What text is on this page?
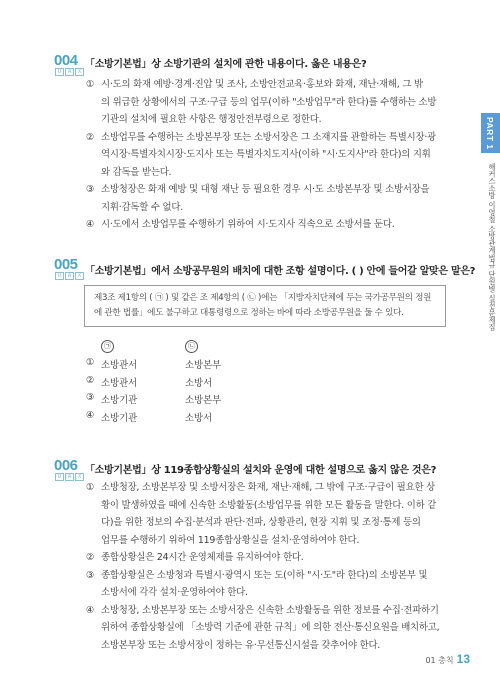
PART 1
해커스소방 이영철 소방관계법규 단원별 실전문제집
004
O A X
「소방기본법」상 소방기관의 설치에 관한 내용이다. 옳은 내용은?
① 시·도의 화재 예방·경계·진압 및 조사, 소방안전교육·홍보와 화재, 재난·재해, 그 밖
의 위급한 상황에서의 구조·구급 등의 업무(이하 "소방업무"라 한다)를 수행하는 소방
기관의 설치에 필요한 사항은 행정안전부령으로 정한다.
② 소방업무를 수행하는 소방본부장 또는 소방서장은 그 소재지를 관할하는 특별시장·광
역시장·특별자치시장·도지사 또는 특별자치도지사(이하 "시·도지사"라 한다)의 지휘
와 감독을 받는다.
③ 소방청장은 화재 예방 및 대형 재난 등 필요한 경우 시·도 소방본부장 및 소방서장을
지휘·감독할 수 없다.
④ 시·도에서 소방업무를 수행하기 위하여 시·도지사 직속으로 소방서를 둔다.
005
O A X 「소방기본법」에서 소방공무원의 배치에 대한 조항 설명이다. ( ) 안에 들어갈 알맞은 말은?
제3조 제1항의 ( ㉠ ) 및 같은 조 제4항의 ( ㉡ )에는 「지방자치단체에 두는 국가공무원의 정원
에 관한 법률」에도 불구하고 대통령령으로 정하는 바에 따라 소방공무원을 둘 수 있다.
㉠	㉡

① 소방관서	소방본부

② 소방관서	소방서

③ 소방기관	소방본부

④ 소방기관	소방서
006
O A X
「소방기본법」상 119종합상황실의 설치와 운영에 대한 설명으로 옳지 않은 것은?
① 소방청장, 소방본부장 및 소방서장은 화재, 재난·재해, 그 밖에 구조·구급이 필요한 상
황이 발생하였을 때에 신속한 소방활동(소방업무를 위한 모든 활동을 말한다. 이하 같
다)을 위한 정보의 수집·분석과 판단·전파, 상황관리, 현장 지휘 및 조정·통제 등의
업무를 수행하기 위하여 119종합상황실을 설치·운영하여야 한다.
② 종합상황실은 24시간 운영체제를 유지하여야 한다.
③ 종합상황실은 소방청과 특별시·광역시 또는 도(이하 "시·도"라 한다)의 소방본부 및
소방서에 각각 설치·운영하여야 한다.
④ 소방청장, 소방본부장 또는 소방서장은 신속한 소방활동을 위한 정보를 수집·전파하기
위하여 종합상황실에 「소방력 기준에 관한 규칙」에 의한 전산·통신요원을 배치하고,
소방본부장 또는 소방서장이 정하는 유·무선통신시설을 갖추어야 한다.
01 총칙 13
